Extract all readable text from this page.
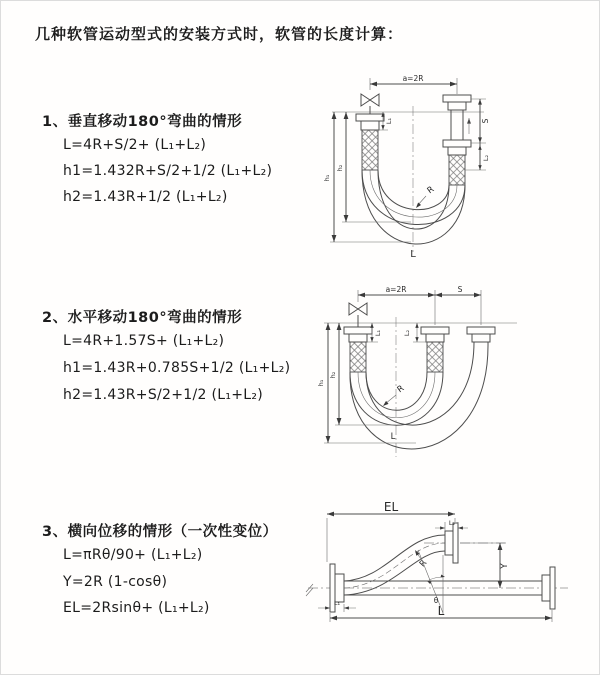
几种软管运动型式的安装方式时，软管的长度计算：
1、垂直移动180°弯曲的情形
L=4R+S/2+ (L₁+L₂)
h1=1.432R+S/2+1/2 (L₁+L₂)
h2=1.43R+1/2 (L₁+L₂)
2、水平移动180°弯曲的情形
L=4R+1.57S+ (L₁+L₂)
h1=1.43R+0.785S+1/2 (L₁+L₂)
h2=1.43R+S/2+1/2 (L₁+L₂)
3、横向位移的情形（一次性变位）
L=πRθ/90+ (L₁+L₂)
Y=2R (1-cosθ)
EL=2Rsinθ+ (L₁+L₂)
a=2R
h₁
h₂
L₁	S
L₂
R
L
a=2R	S
h₁
h₂
L₁	L₂
R
L
EL
L₂
Y
R
θ
L
L₁
